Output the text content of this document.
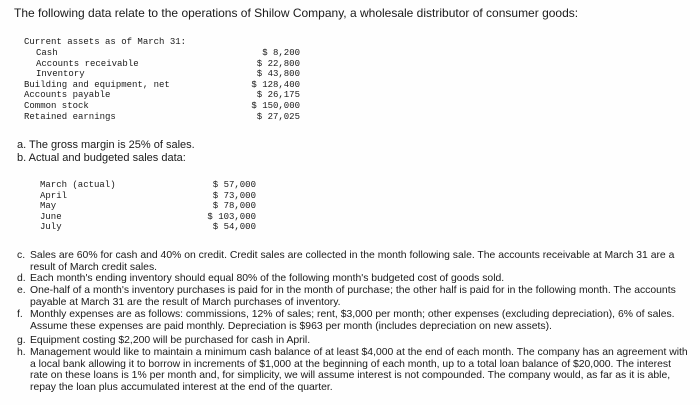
The following data relate to the operations of Shilow Company, a wholesale distributor of consumer goods:
Current assets as of March 31:
Cash	$ 8,200
Accounts receivable	$ 22,800
Inventory	$ 43,800
Building and equipment, net	$ 128,400
Accounts payable	$ 26,175
Common stock	$ 150,000
Retained earnings	$ 27,025
a. The gross margin is 25% of sales.
b. Actual and budgeted sales data:
March (actual)	$ 57,000
April	$ 73,000
May	$ 78,000
June	$ 103,000
July	$ 54,000
c. Sales are 60% for cash and 40% on credit. Credit sales are collected in the month following sale. The accounts receivable at March 31 are a result of March credit sales.
d. Each month's ending inventory should equal 80% of the following month's budgeted cost of goods sold.
e. One-half of a month's inventory purchases is paid for in the month of purchase; the other half is paid for in the following month. The accounts payable at March 31 are the result of March purchases of inventory.
f. Monthly expenses are as follows: commissions, 12% of sales; rent, $3,000 per month; other expenses (excluding depreciation), 6% of sales. Assume these expenses are paid monthly. Depreciation is $963 per month (includes depreciation on new assets).
g. Equipment costing $2,200 will be purchased for cash in April.
h. Management would like to maintain a minimum cash balance of at least $4,000 at the end of each month. The company has an agreement with a local bank allowing it to borrow in increments of $1,000 at the beginning of each month, up to a total loan balance of $20,000. The interest rate on these loans is 1% per month and, for simplicity, we will assume interest is not compounded. The company would, as far as it is able, repay the loan plus accumulated interest at the end of the quarter.
